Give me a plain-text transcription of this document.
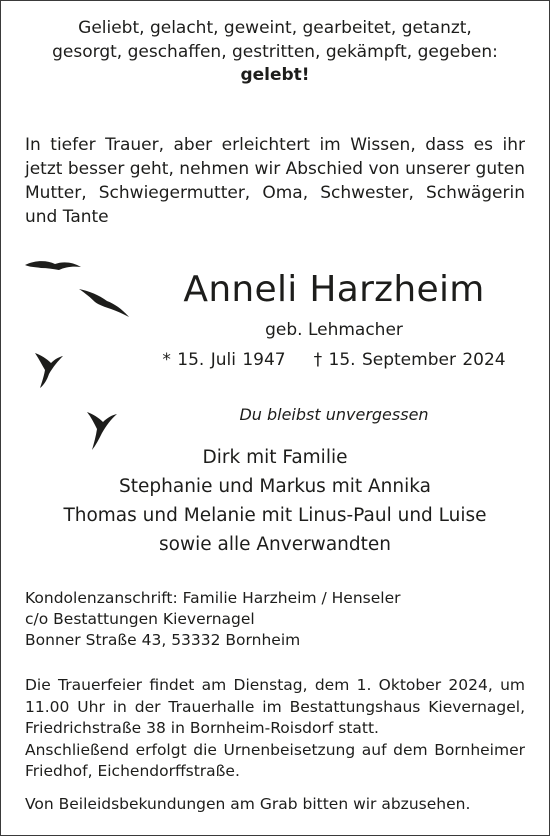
Geliebt, gelacht, geweint, gearbeitet, getanzt,
gesorgt, geschaffen, gestritten, gekämpft, gegeben:
gelebt!
In tiefer Trauer, aber erleichtert im Wissen, dass es ihr
jetzt besser geht, nehmen wir Abschied von unserer guten
Mutter, Schwiegermutter, Oma, Schwester, Schwägerin
und Tante
Anneli Harzheim
geb. Lehmacher
* 15. Juli 1947 † 15. September 2024
Du bleibst unvergessen
Dirk mit Familie
Stephanie und Markus mit Annika
Thomas und Melanie mit Linus-Paul und Luise
sowie alle Anverwandten
Kondolenzanschrift: Familie Harzheim / Henseler
c/o Bestattungen Kievernagel
Bonner Straße 43, 53332 Bornheim
Die Trauerfeier findet am Dienstag, dem 1. Oktober 2024, um
11.00 Uhr in der Trauerhalle im Bestattungshaus Kievernagel,
Friedrichstraße 38 in Bornheim-Roisdorf statt.
Anschließend erfolgt die Urnenbeisetzung auf dem Bornheimer
Friedhof, Eichendorffstraße.
Von Beileidsbekundungen am Grab bitten wir abzusehen.
